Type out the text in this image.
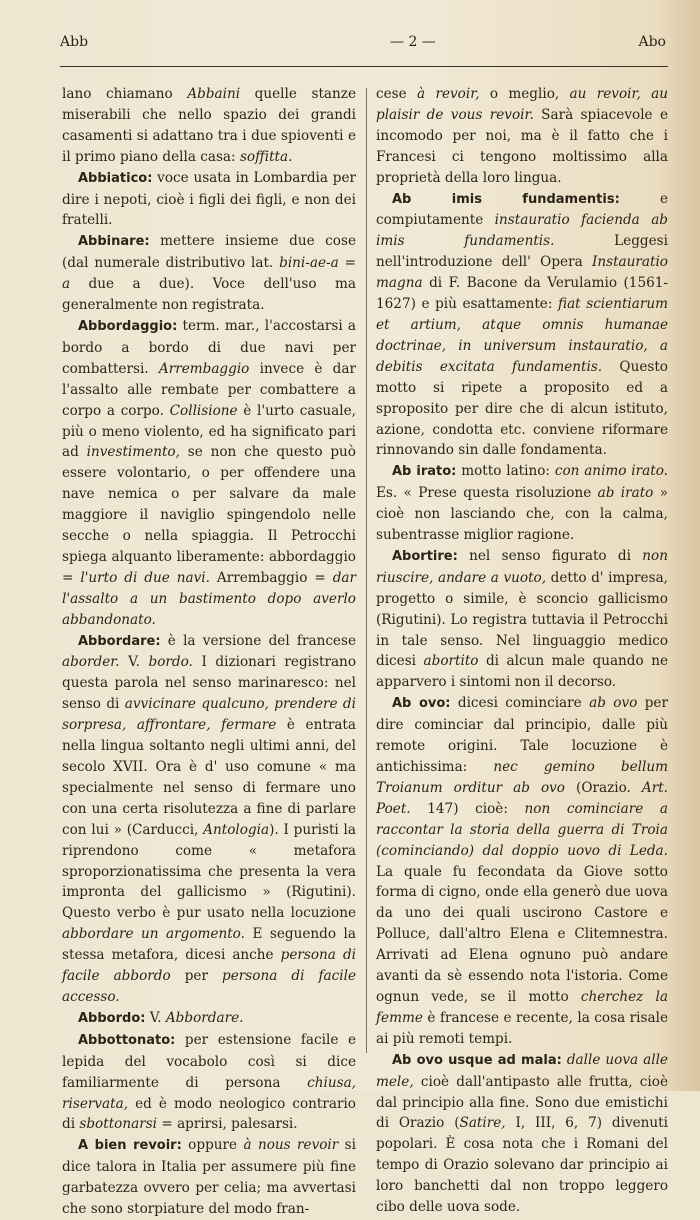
Abb	— 2 —	Abo

lano chiamano Abbaini quelle stanze miserabili che nello spazio dei grandi casamenti si adattano tra i due spioventi e il primo piano della casa: soffitta.

Abbiatico: voce usata in Lombardia per dire i nepoti, cioè i figli dei figli, e non dei fratelli.

Abbinare: mettere insieme due cose (dal numerale distributivo lat. bini-ae-a = a due a due). Voce dell'uso ma generalmente non registrata.

Abbordaggio: term. mar., l'accostarsi a bordo a bordo di due navi per combattersi. Arrembaggio invece è dar l'assalto alle rembate per combattere a corpo a corpo. Collisione è l'urto casuale, più o meno violento, ed ha significato pari ad investimento, se non che questo può essere volontario, o per offendere una nave nemica o per salvare da male maggiore il naviglio spingendolo nelle secche o nella spiaggia. Il Petrocchi spiega alquanto liberamente: abbordaggio = l'urto di due navi. Arrembaggio = dar l'assalto a un bastimento dopo averlo abbandonato.

Abbordare: è la versione del francese aborder. V. bordo. I dizionari registrano questa parola nel senso marinaresco: nel senso di avvicinare qualcuno, prendere di sorpresa, affrontare, fermare è entrata nella lingua soltanto negli ultimi anni, del secolo XVII. Ora è d' uso comune « ma specialmente nel senso di fermare uno con una certa risolutezza a fine di parlare con lui » (Carducci, Antologia). I puristi la riprendono come « metafora sproporzionatissima che presenta la vera impronta del gallicismo » (Rigutini). Questo verbo è pur usato nella locuzione abbordare un argomento. E seguendo la stessa metafora, dicesi anche persona di facile abbordo per persona di facile accesso.

Abbordo: V. Abbordare.

Abbottonato: per estensione facile e lepida del vocabolo così si dice familiarmente di persona chiusa, riservata, ed è modo neologico contrario di sbottonarsi = aprirsi, palesarsi.

A bien revoir: oppure à nous revoir si dice talora in Italia per assumere più fine garbatezza ovvero per celia; ma avvertasi che sono storpiature del modo fran-

cese à revoir, o meglio, au revoir, au plaisir de vous revoir. Sarà spiacevole e incomodo per noi, ma è il fatto che i Francesi ci tengono moltissimo alla proprietà della loro lingua.

Ab imis fundamentis: e compiutamente instauratio facienda ab imis fundamentis. Leggesi nell'introduzione dell' Opera Instauratio magna di F. Bacone da Verulamio (1561-1627) e più esattamente: fiat scientiarum et artium, atque omnis humanae doctrinae, in universum instauratio, a debitis excitata fundamentis. Questo motto si ripete a proposito ed a sproposito per dire che di alcun istituto, azione, condotta etc. conviene riformare rinnovando sin dalle fondamenta.

Ab irato: motto latino: con animo irato. Es. « Prese questa risoluzione ab irato » cioè non lasciando che, con la calma, subentrasse miglior ragione.

Abortire: nel senso figurato di non riuscire, andare a vuoto, detto d' impresa, progetto o simile, è sconcio gallicismo (Rigutini). Lo registra tuttavia il Petrocchi in tale senso. Nel linguaggio medico dicesi abortito di alcun male quando ne apparvero i sintomi non il decorso.

Ab ovo: dicesi cominciare ab ovo per dire cominciar dal principio, dalle più remote origini. Tale locuzione è antichissima: nec gemino bellum Troianum orditur ab ovo (Orazio. Art. Poet. 147) cioè: non cominciare a raccontar la storia della guerra di Troia (cominciando) dal doppio uovo di Leda. La quale fu fecondata da Giove sotto forma di cigno, onde ella generò due uova da uno dei quali uscirono Castore e Polluce, dall'altro Elena e Clitemnestra. Arrivati ad Elena ognuno può andare avanti da sè essendo nota l'istoria. Come ognun vede, se il motto cherchez la femme è francese e recente, la cosa risale ai più remoti tempi.

Ab ovo usque ad mala: dalle uova alle mele, cioè dall'antipasto alle frutta, cioè dal principio alla fine. Sono due emistichi di Orazio (Satire, I, III, 6, 7) divenuti popolari. È cosa nota che i Romani del tempo di Orazio solevano dar principio ai loro banchetti dal non troppo leggero cibo delle uova sode.
